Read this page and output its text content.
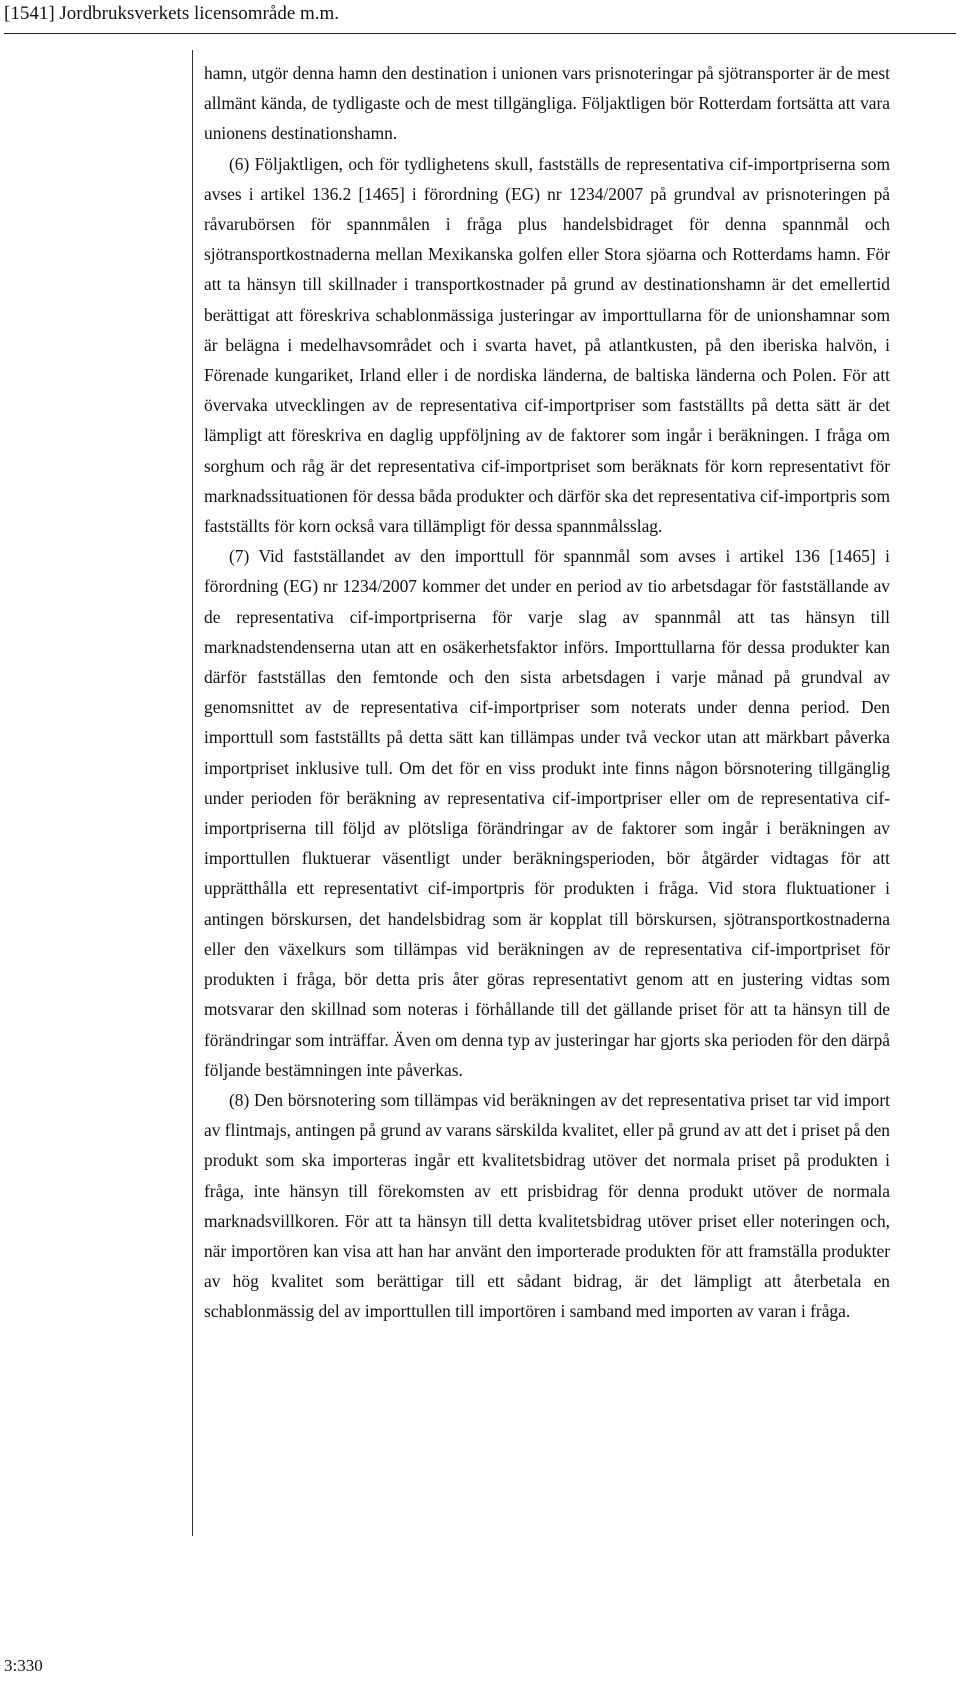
[1541] Jordbruksverkets licensområde m.m.

hamn, utgör denna hamn den destination i unionen vars prisnoteringar på sjötransporter är de mest allmänt kända, de tydligaste och de mest tillgängliga. Följaktligen bör Rotterdam fortsätta att vara unionens destinationshamn.

(6) Följaktligen, och för tydlighetens skull, fastställs de representativa cif-importpriserna som avses i artikel 136.2 [1465] i förordning (EG) nr 1234/2007 på grundval av prisnoteringen på råvarubörsen för spannmålen i fråga plus handelsbidraget för denna spannmål och sjötransportkostnaderna mellan Mexikanska golfen eller Stora sjöarna och Rotterdams hamn. För att ta hänsyn till skillnader i transportkostnader på grund av destinationshamn är det emellertid berättigat att föreskriva schablonmässiga justeringar av importtullarna för de unionshamnar som är belägna i medelhavsområdet och i svarta havet, på atlantkusten, på den iberiska halvön, i Förenade kungariket, Irland eller i de nordiska länderna, de baltiska länderna och Polen. För att övervaka utvecklingen av de representativa cif-importpriser som fastställts på detta sätt är det lämpligt att föreskriva en daglig uppföljning av de faktorer som ingår i beräkningen. I fråga om sorghum och råg är det representativa cif-importpriset som beräknats för korn representativt för marknadssituationen för dessa båda produkter och därför ska det representativa cif-importpris som fastställts för korn också vara tillämpligt för dessa spannmålsslag.

(7) Vid fastställandet av den importtull för spannmål som avses i artikel 136 [1465] i förordning (EG) nr 1234/2007 kommer det under en period av tio arbetsdagar för fastställande av de representativa cif-importpriserna för varje slag av spannmål att tas hänsyn till marknadstendenserna utan att en osäkerhetsfaktor införs. Importtullarna för dessa produkter kan därför fastställas den femtonde och den sista arbetsdagen i varje månad på grundval av genomsnittet av de representativa cif-importpriser som noterats under denna period. Den importtull som fastställts på detta sätt kan tillämpas under två veckor utan att märkbart påverka importpriset inklusive tull. Om det för en viss produkt inte finns någon börsnotering tillgänglig under perioden för beräkning av representativa cif-importpriser eller om de representativa cif-importpriserna till följd av plötsliga förändringar av de faktorer som ingår i beräkningen av importtullen fluktuerar väsentligt under beräkningsperioden, bör åtgärder vidtagas för att upprätthålla ett representativt cif-importpris för produkten i fråga. Vid stora fluktuationer i antingen börskursen, det handelsbidrag som är kopplat till börskursen, sjötransportkostnaderna eller den växelkurs som tillämpas vid beräkningen av de representativa cif-importpriset för produkten i fråga, bör detta pris åter göras representativt genom att en justering vidtas som motsvarar den skillnad som noteras i förhållande till det gällande priset för att ta hänsyn till de förändringar som inträffar. Även om denna typ av justeringar har gjorts ska perioden för den därpå följande bestämningen inte påverkas.

(8) Den börsnotering som tillämpas vid beräkningen av det representativa priset tar vid import av flintmajs, antingen på grund av varans särskilda kvalitet, eller på grund av att det i priset på den produkt som ska importeras ingår ett kvalitetsbidrag utöver det normala priset på produkten i fråga, inte hänsyn till förekomsten av ett prisbidrag för denna produkt utöver de normala marknadsvillkoren. För att ta hänsyn till detta kvalitetsbidrag utöver priset eller noteringen och, när importören kan visa att han har använt den importerade produkten för att framställa produkter av hög kvalitet som berättigar till ett sådant bidrag, är det lämpligt att återbetala en schablonmässig del av importtullen till importören i samband med importen av varan i fråga.

3:330
